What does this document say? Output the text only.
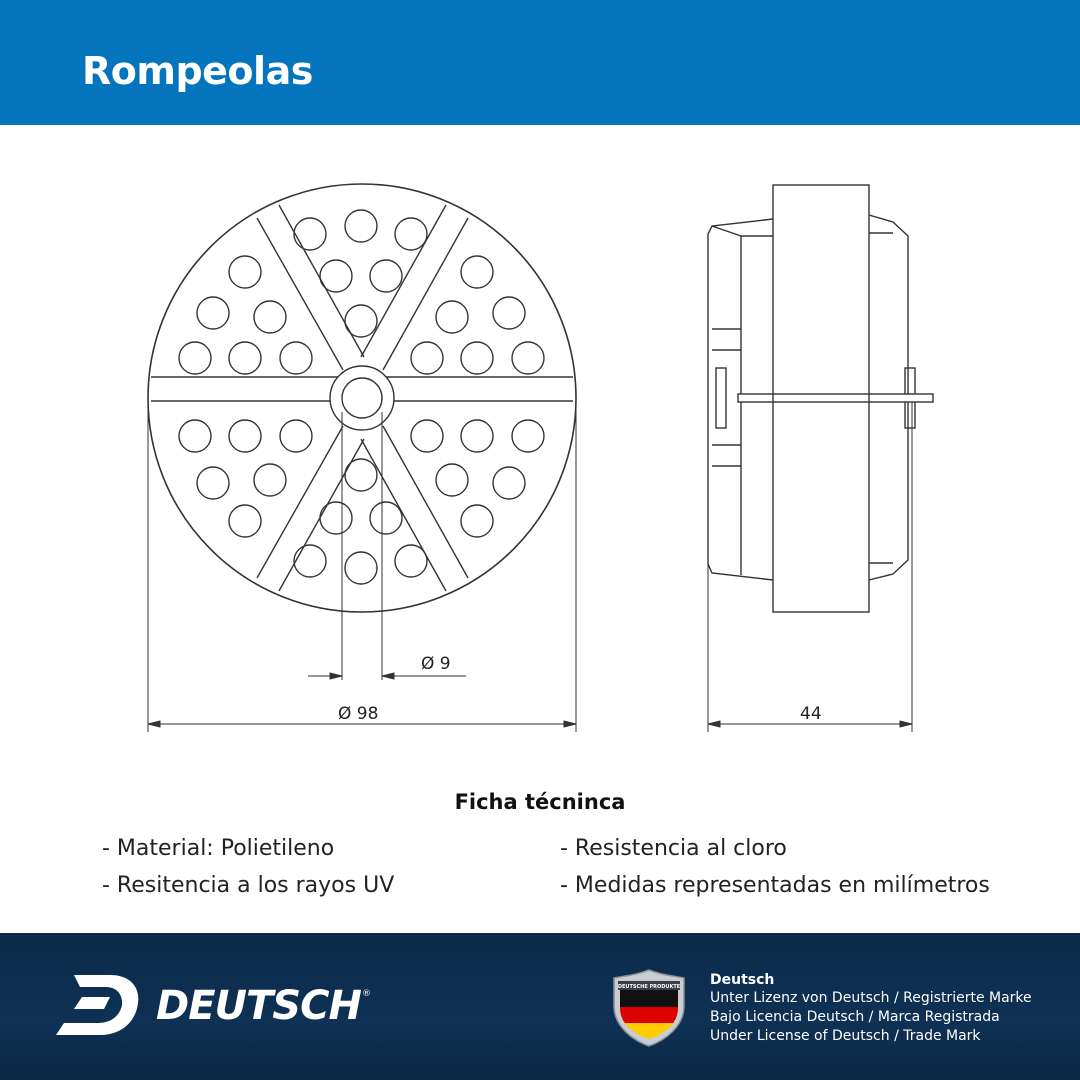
Rompeolas
Ø 9
Ø 98	44
Ficha técninca
- Material: Polietileno
- Resitencia a los rayos UV
- Resistencia al cloro
- Medidas representadas en milímetros
DEUTSCH ®
DEUTSCHE PRODUKTE Deutsch
Unter Lizenz von Deutsch / Registrierte Marke
Bajo Licencia Deutsch / Marca Registrada
Under License of Deutsch / Trade Mark
